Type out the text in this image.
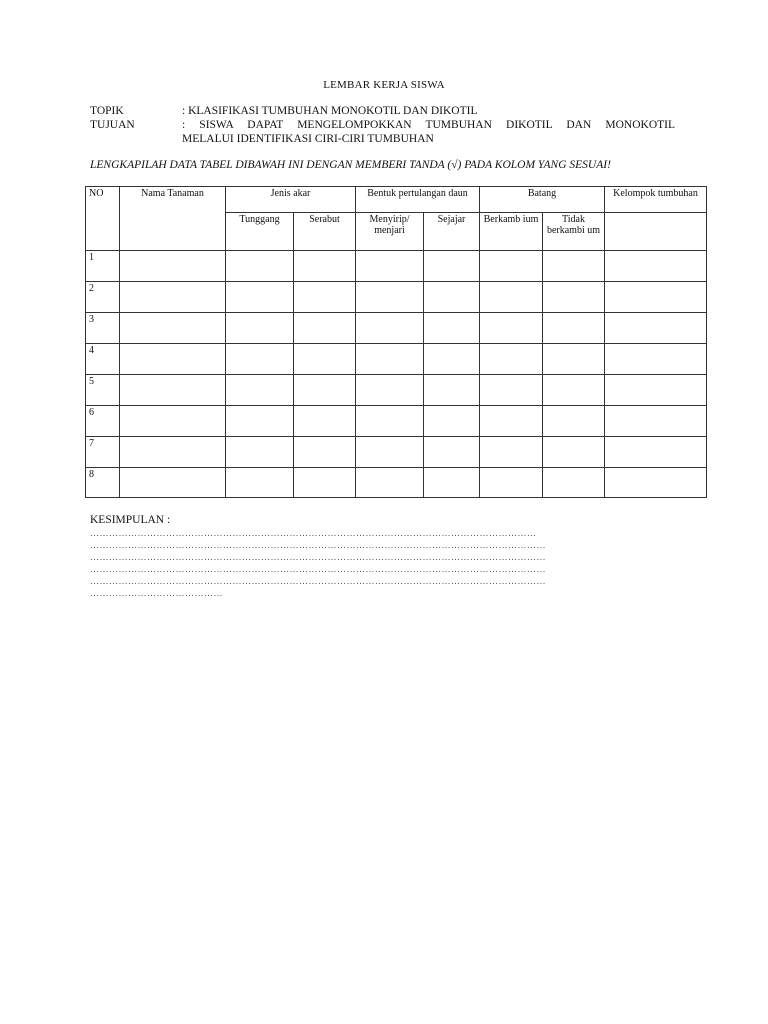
LEMBAR KERJA SISWA
TOPIK	: KLASIFIKASI TUMBUHAN MONOKOTIL DAN DIKOTIL
TUJUAN	: SISWA DAPAT MENGELOMPOKKAN TUMBUHAN DIKOTIL DAN MONOKOTIL
MELALUI IDENTIFIKASI CIRI-CIRI TUMBUHAN
LENGKAPILAH DATA TABEL DIBAWAH INI DENGAN MEMBERI TANDA (√) PADA KOLOM YANG SESUAI!
NO	Nama Tanaman	Jenis akar		Bentuk pertulangan daun		Batang		Kelompok tumbuhan
		Tunggang	Serabut	Menyirip/ menjari	Sejajar	Berkamb ium	Tidak berkambi um	
1								
2								
3								
4								
5								
6								
7								
8								
KESIMPULAN :
……………………………………………………………………………………………………………………………
………………………………………………………………………………………………………………………………
………………………………………………………………………………………………………………………………
………………………………………………………………………………………………………………………………
………………………………………………………………………………………………………………………………
……………………………………
